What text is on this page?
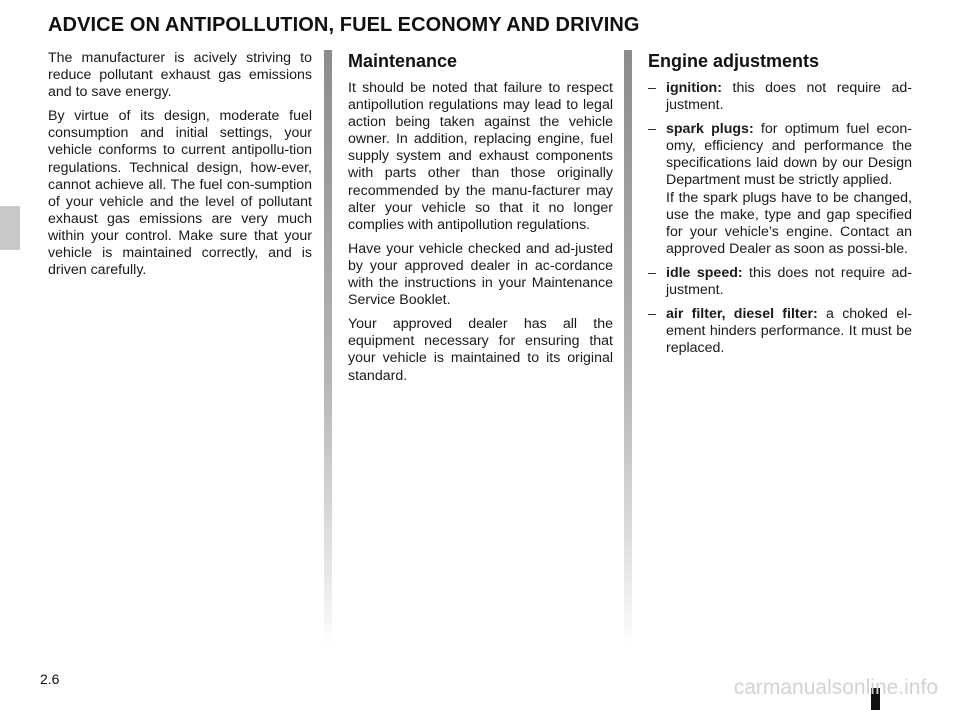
ADVICE ON ANTIPOLLUTION, FUEL ECONOMY AND DRIVING

The manufacturer is acively striving to reduce pollutant exhaust gas emissions and to save energy.

By virtue of its design, moderate fuel consumption and initial settings, your vehicle conforms to current antipollu-tion regulations. Technical design, how-ever, cannot achieve all. The fuel con-sumption of your vehicle and the level of pollutant exhaust gas emissions are very much within your control. Make sure that your vehicle is maintained correctly, and is driven carefully.

Maintenance

It should be noted that failure to respect antipollution regulations may lead to legal action being taken against the vehicle owner. In addition, replacing engine, fuel supply system and exhaust components with parts other than those originally recommended by the manu-facturer may alter your vehicle so that it no longer complies with antipollution regulations.

Have your vehicle checked and ad-justed by your approved dealer in ac-cordance with the instructions in your Maintenance Service Booklet.

Your approved dealer has all the equipment necessary for ensuring that your vehicle is maintained to its original standard.

Engine adjustments
– ignition: this does not require ad-justment.
– spark plugs: for optimum fuel econ-omy, efficiency and performance the specifications laid down by our Design Department must be strictly applied.

If the spark plugs have to be changed, use the make, type and gap specified for your vehicle’s engine. Contact an approved Dealer as soon as possi-ble.

– idle speed: this does not require ad-justment.
– air filter, diesel filter: a choked el-ement hinders performance. It must be replaced.
2.6	carmanualsonline.info
